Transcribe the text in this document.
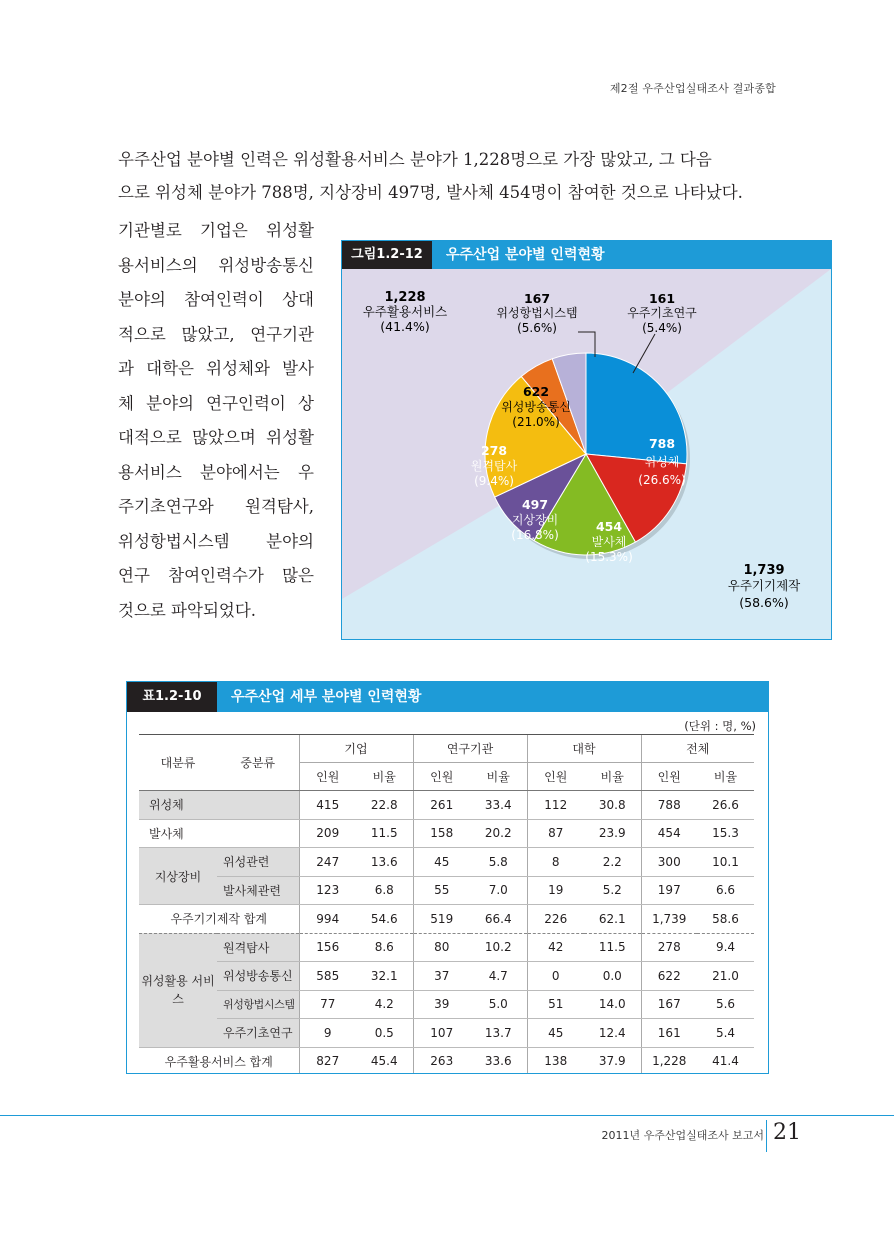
제2절 우주산업실태조사 결과종합
우주산업 분야별 인력은 위성활용서비스 분야가 1,228명으로 가장 많았고, 그 다음
으로 위성체 분야가 788명, 지상장비 497명, 발사체 454명이 참여한 것으로 나타났다.
기관별로 기업은 위성활
용서비스의 위성방송통신
분야의 참여인력이 상대
적으로 많았고, 연구기관
과 대학은 위성체와 발사
체 분야의 연구인력이 상
대적으로 많았으며 위성활
용서비스 분야에서는 우
주기초연구와 원격탐사,
위성항법시스템 분야의
연구 참여인력수가 많은
것으로 파악되었다.
그림1.2-12	우주산업 분야별 인력현황
1,228
우주활용서비스
(41.4%)
167
위성항법시스템
(5.6%)
161
우주기초연구
(5.4%)
622
위성방송통신
(21.0%)
278
원격탐사
(9.4%)
788
위성체
(26.6%)
497
지상장비
(16.8%)
454
발사체
(15.3%)
1,739
우주기기제작
(58.6%)
표1.2-10	우주산업 세부 분야별 인력현황
(단위 : 명, %)
대분류	중분류	기업		연구기관		대학		전체	
		인원	비율	인원	비율	인원	비율	인원	비율
위성체		415	22.8	261	33.4	112	30.8	788	26.6
발사체		209	11.5	158	20.2	87	23.9	454	15.3
지상장비	위성관련	247	13.6	45	5.8	8	2.2	300	10.1
	발사체관련	123	6.8	55	7.0	19	5.2	197	6.6
우주기기제작 합계		994	54.6	519	66.4	226	62.1	1,739	58.6
위성활용 서비스	원격탐사	156	8.6	80	10.2	42	11.5	278	9.4
	위성방송통신	585	32.1	37	4.7	0	0.0	622	21.0
	위성항법시스템	77	4.2	39	5.0	51	14.0	167	5.6
	우주기초연구	9	0.5	107	13.7	45	12.4	161	5.4
우주활용서비스 합계		827	45.4	263	33.6	138	37.9	1,228	41.4
2011년 우주산업실태조사 보고서 21
